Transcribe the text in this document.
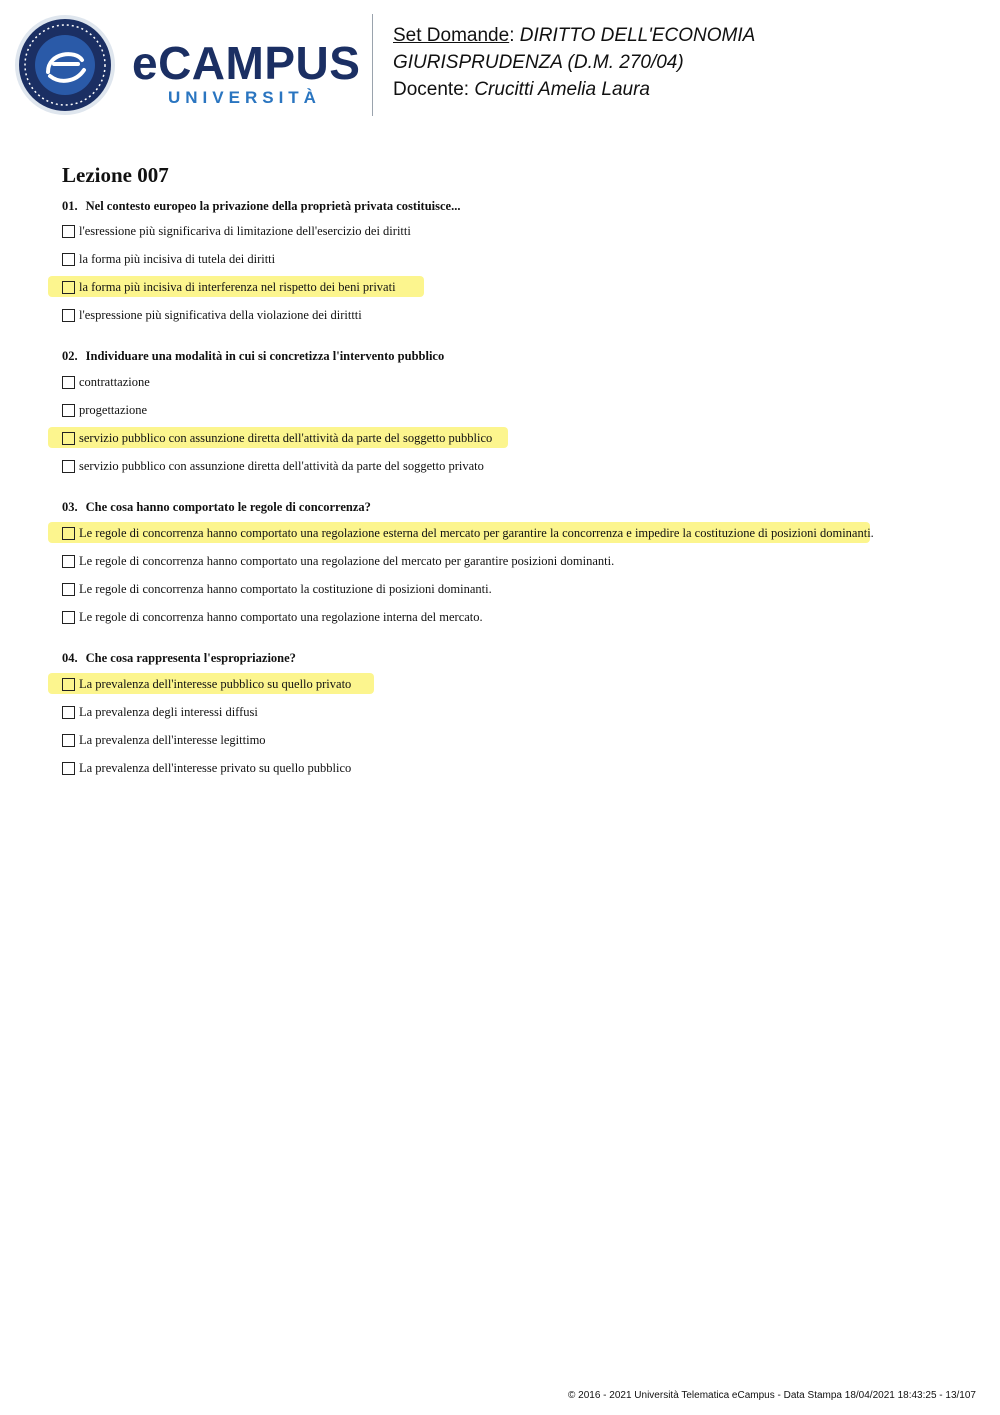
eCAMPUS
UNIVERSITÀ
Set Domande: DIRITTO DELL'ECONOMIA
GIURISPRUDENZA (D.M. 270/04)
Docente: Crucitti Amelia Laura
Lezione 007
01. Nel contesto europeo la privazione della proprietà privata costituisce...
l'esressione più significariva di limitazione dell'esercizio dei diritti
la forma più incisiva di tutela dei diritti
la forma più incisiva di interferenza nel rispetto dei beni privati
l'espressione più significativa della violazione dei dirittti
02. Individuare una modalità in cui si concretizza l'intervento pubblico
contrattazione
progettazione
servizio pubblico con assunzione diretta dell'attività da parte del soggetto pubblico
servizio pubblico con assunzione diretta dell'attività da parte del soggetto privato
03. Che cosa hanno comportato le regole di concorrenza?
Le regole di concorrenza hanno comportato una regolazione esterna del mercato per garantire la concorrenza e impedire la costituzione di posizioni dominanti.
Le regole di concorrenza hanno comportato una regolazione del mercato per garantire posizioni dominanti.
Le regole di concorrenza hanno comportato la costituzione di posizioni dominanti.
Le regole di concorrenza hanno comportato una regolazione interna del mercato.
04. Che cosa rappresenta l'espropriazione?
La prevalenza dell'interesse pubblico su quello privato
La prevalenza degli interessi diffusi
La prevalenza dell'interesse legittimo
La prevalenza dell'interesse privato su quello pubblico
© 2016 - 2021 Università Telematica eCampus - Data Stampa 18/04/2021 18:43:25 - 13/107
